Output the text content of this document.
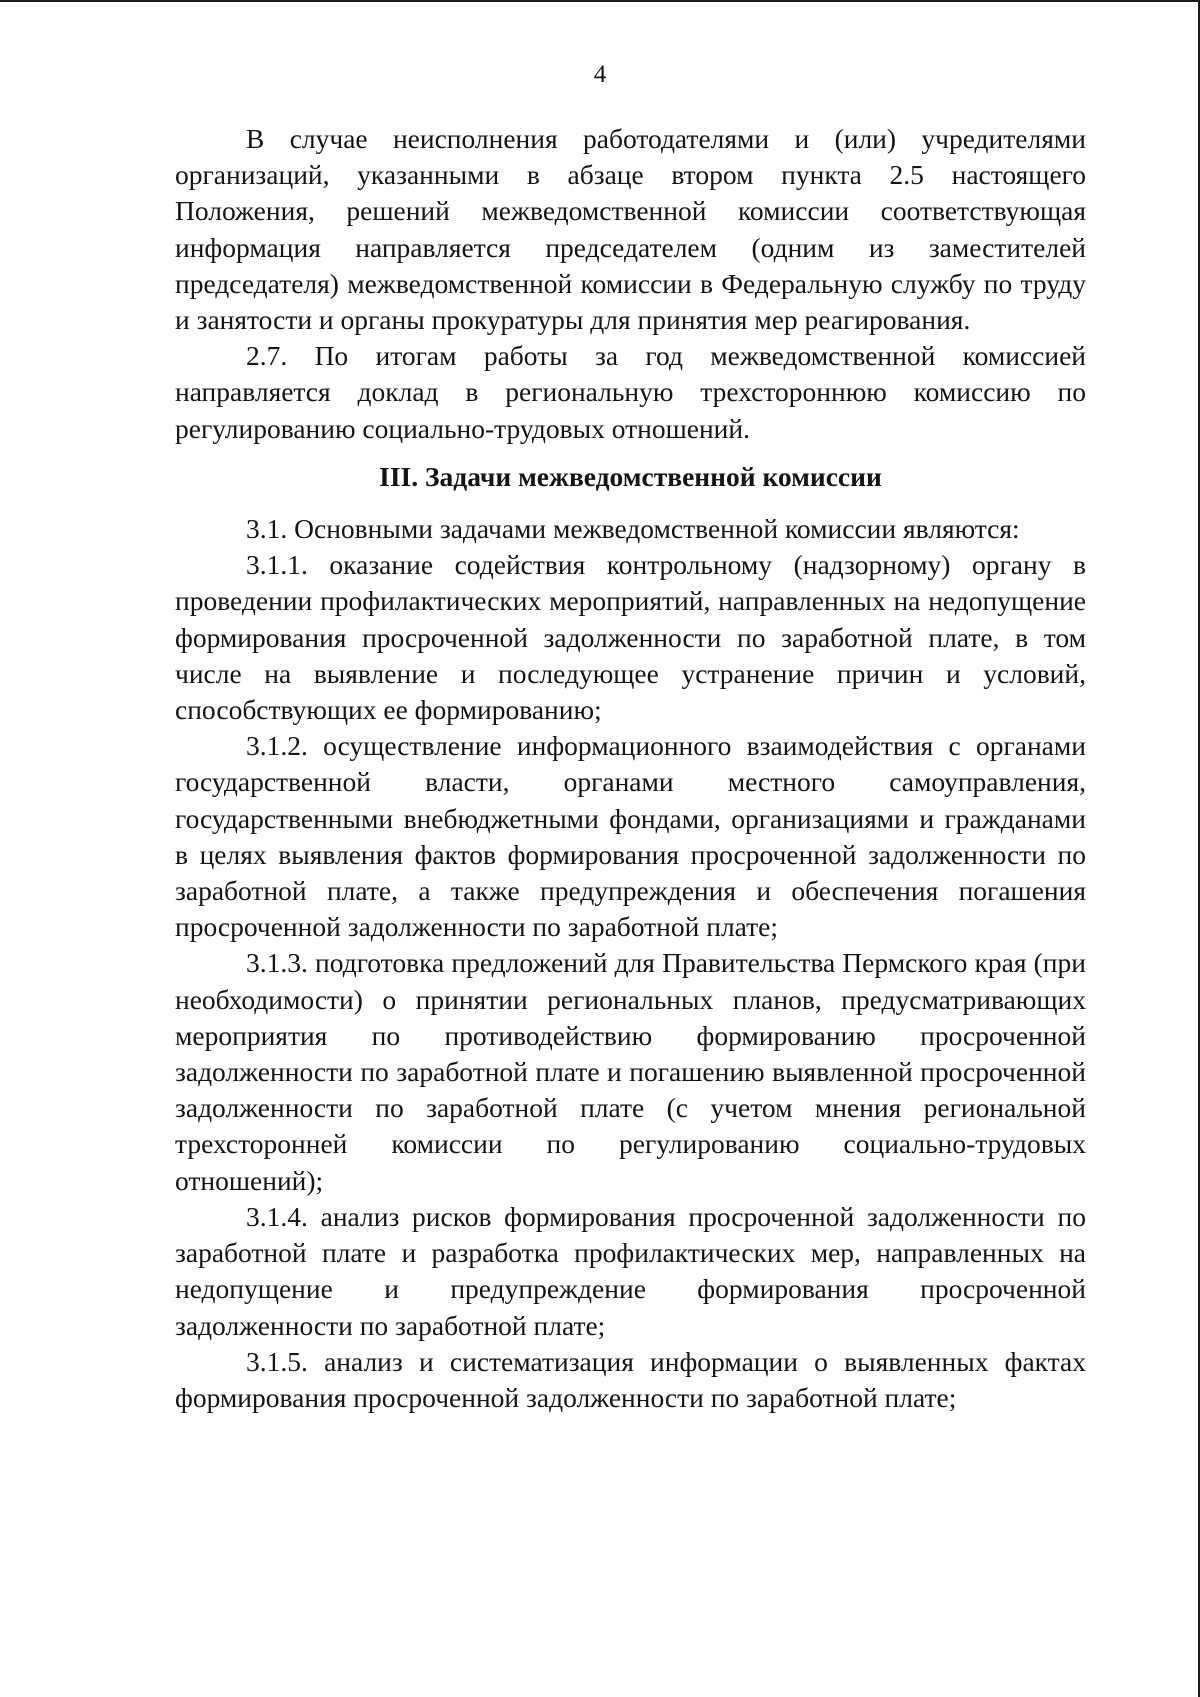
4

В случае неисполнения работодателями и (или) учредителями организаций, указанными в абзаце втором пункта 2.5 настоящего Положения, решений межведомственной комиссии соответствующая информация направляется председателем (одним из заместителей председателя) межведомственной комиссии в Федеральную службу по труду и занятости и органы прокуратуры для принятия мер реагирования.

2.7. По итогам работы за год межведомственной комиссией направляется доклад в региональную трехстороннюю комиссию по регулированию социально-трудовых отношений.

III. Задачи межведомственной комиссии

3.1. Основными задачами межведомственной комиссии являются:

3.1.1. оказание содействия контрольному (надзорному) органу в проведении профилактических мероприятий, направленных на недопущение формирования просроченной задолженности по заработной плате, в том числе на выявление и последующее устранение причин и условий, способствующих ее формированию;

3.1.2. осуществление информационного взаимодействия с органами государственной власти, органами местного самоуправления, государственными внебюджетными фондами, организациями и гражданами в целях выявления фактов формирования просроченной задолженности по заработной плате, а также предупреждения и обеспечения погашения просроченной задолженности по заработной плате;

3.1.3. подготовка предложений для Правительства Пермского края (при необходимости) о принятии региональных планов, предусматривающих мероприятия по противодействию формированию просроченной задолженности по заработной плате и погашению выявленной просроченной задолженности по заработной плате (с учетом мнения региональной трехсторонней комиссии по регулированию социально-трудовых отношений);

3.1.4. анализ рисков формирования просроченной задолженности по заработной плате и разработка профилактических мер, направленных на недопущение и предупреждение формирования просроченной задолженности по заработной плате;

3.1.5. анализ и систематизация информации о выявленных фактах формирования просроченной задолженности по заработной плате;
